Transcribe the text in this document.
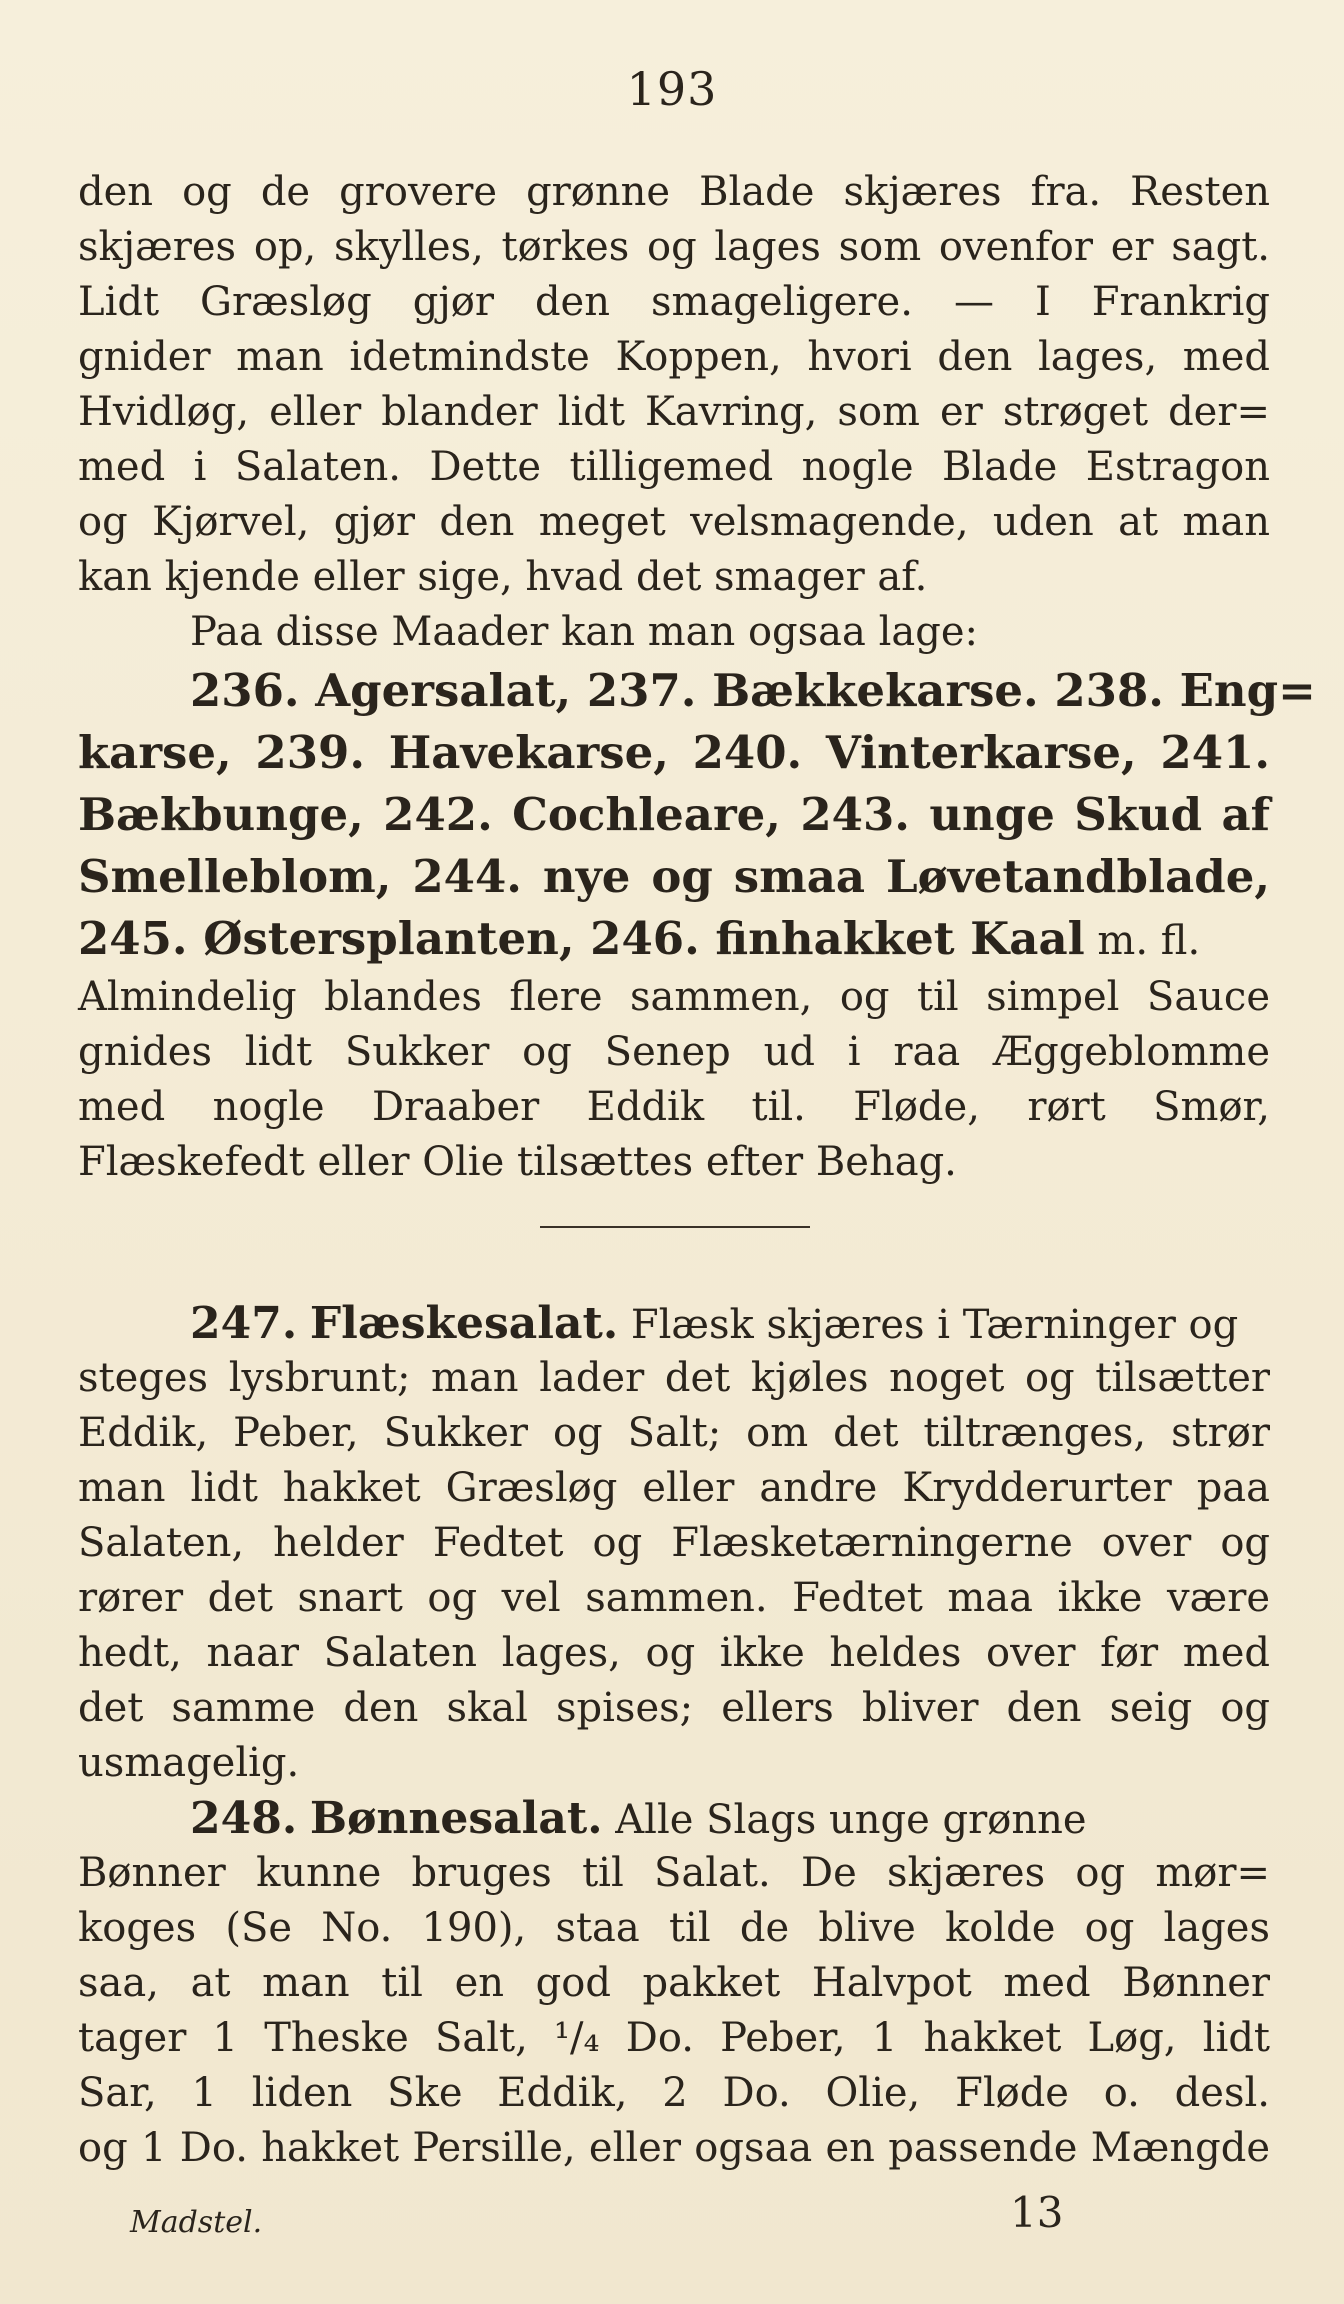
193
den og de grovere grønne Blade skjæres fra. Resten
skjæres op, skylles, tørkes og lages som ovenfor er sagt.
Lidt Græsløg gjør den smageligere. — I Frankrig
gnider man idetmindste Koppen, hvori den lages, med
Hvidløg, eller blander lidt Kavring, som er strøget der=
med i Salaten. Dette tilligemed nogle Blade Estragon
og Kjørvel, gjør den meget velsmagende, uden at man
kan kjende eller sige, hvad det smager af.
Paa disse Maader kan man ogsaa lage:
236. Agersalat, 237. Bækkekarse. 238. Eng=
karse, 239. Havekarse, 240. Vinterkarse, 241.
Bækbunge, 242. Cochleare, 243. unge Skud af
Smelleblom, 244. nye og smaa Løvetandblade,
245. Østersplanten, 246. finhakket Kaal m. fl.
Almindelig blandes flere sammen, og til simpel Sauce
gnides lidt Sukker og Senep ud i raa Æggeblomme
med nogle Draaber Eddik til. Fløde, rørt Smør,
Flæskefedt eller Olie tilsættes efter Behag.
247. Flæskesalat. Flæsk skjæres i Tærninger og
steges lysbrunt; man lader det kjøles noget og tilsætter
Eddik, Peber, Sukker og Salt; om det tiltrænges, strør
man lidt hakket Græsløg eller andre Krydderurter paa
Salaten, helder Fedtet og Flæsketærningerne over og
rører det snart og vel sammen. Fedtet maa ikke være
hedt, naar Salaten lages, og ikke heldes over før med
det samme den skal spises; ellers bliver den seig og
usmagelig.
248. Bønnesalat. Alle Slags unge grønne
Bønner kunne bruges til Salat. De skjæres og mør=
koges (Se No. 190), staa til de blive kolde og lages
saa, at man til en god pakket Halvpot med Bønner
tager 1 Theske Salt, ¹/₄ Do. Peber, 1 hakket Løg, lidt
Sar, 1 liden Ske Eddik, 2 Do. Olie, Fløde o. desl.
og 1 Do. hakket Persille, eller ogsaa en passende Mængde
Madstel.	13
